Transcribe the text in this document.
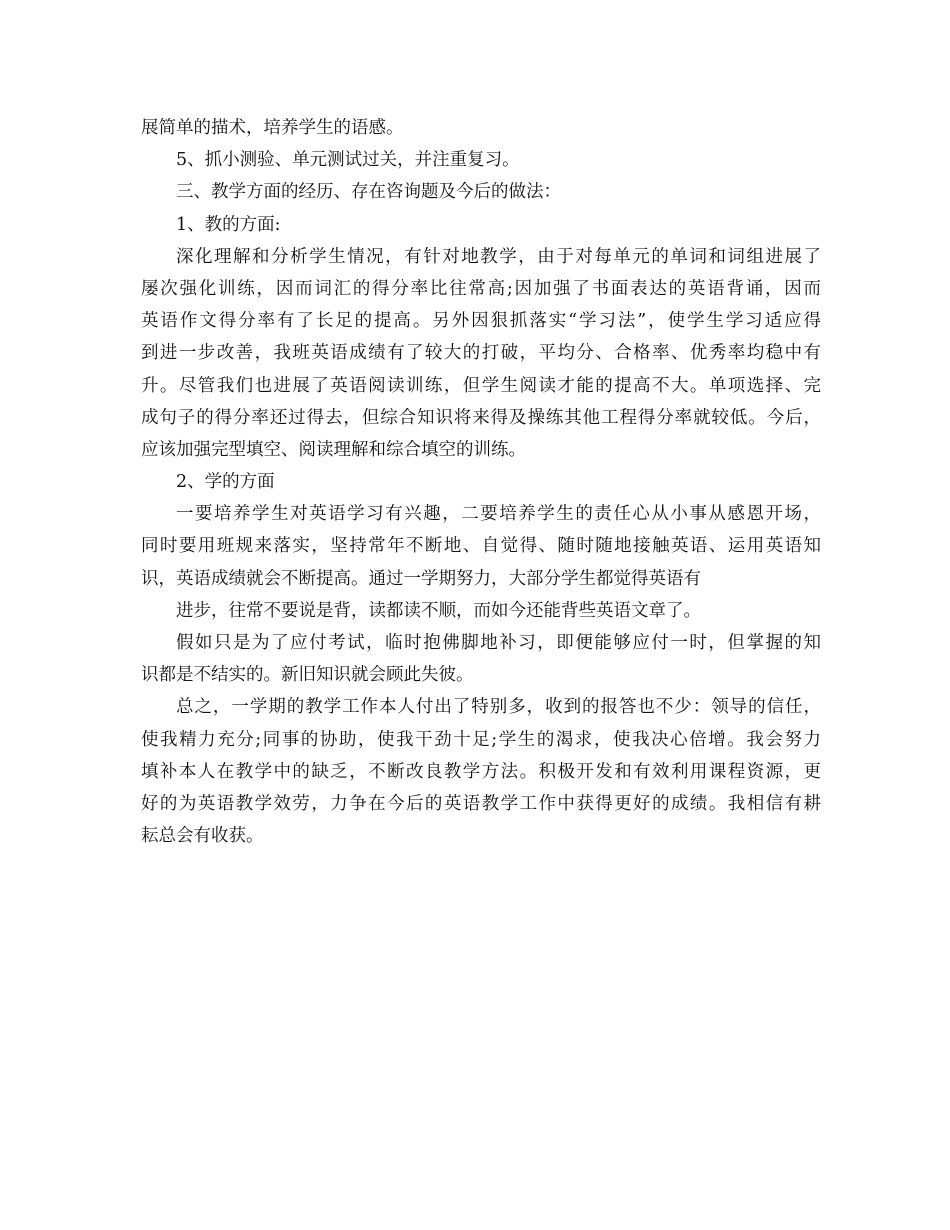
展简单的描术，培养学生的语感。
5、抓小测验、单元测试过关，并注重复习。
三、教学方面的经历、存在咨询题及今后的做法：
1、教的方面:
深化理解和分析学生情况，有针对地教学，由于对每单元的单词和词组进展了
屡次强化训练，因而词汇的得分率比往常高;因加强了书面表达的英语背诵，因而
英语作文得分率有了长足的提高。另外因狠抓落实“学习法”，使学生学习适应得
到进一步改善，我班英语成绩有了较大的打破，平均分、合格率、优秀率均稳中有
升。尽管我们也进展了英语阅读训练，但学生阅读才能的提高不大。单项选择、完
成句子的得分率还过得去，但综合知识将来得及操练其他工程得分率就较低。今后，
应该加强完型填空、阅读理解和综合填空的训练。
2、学的方面
一要培养学生对英语学习有兴趣，二要培养学生的责任心从小事从感恩开场，
同时要用班规来落实，坚持常年不断地、自觉得、随时随地接触英语、运用英语知
识，英语成绩就会不断提高。通过一学期努力，大部分学生都觉得英语有
进步，往常不要说是背，读都读不顺，而如今还能背些英语文章了。
假如只是为了应付考试，临时抱佛脚地补习，即便能够应付一时，但掌握的知
识都是不结实的。新旧知识就会顾此失彼。
总之，一学期的教学工作本人付出了特别多，收到的报答也不少：领导的信任，
使我精力充分;同事的协助，使我干劲十足;学生的渴求，使我决心倍增。我会努力
填补本人在教学中的缺乏，不断改良教学方法。积极开发和有效利用课程资源，更
好的为英语教学效劳，力争在今后的英语教学工作中获得更好的成绩。我相信有耕
耘总会有收获。
